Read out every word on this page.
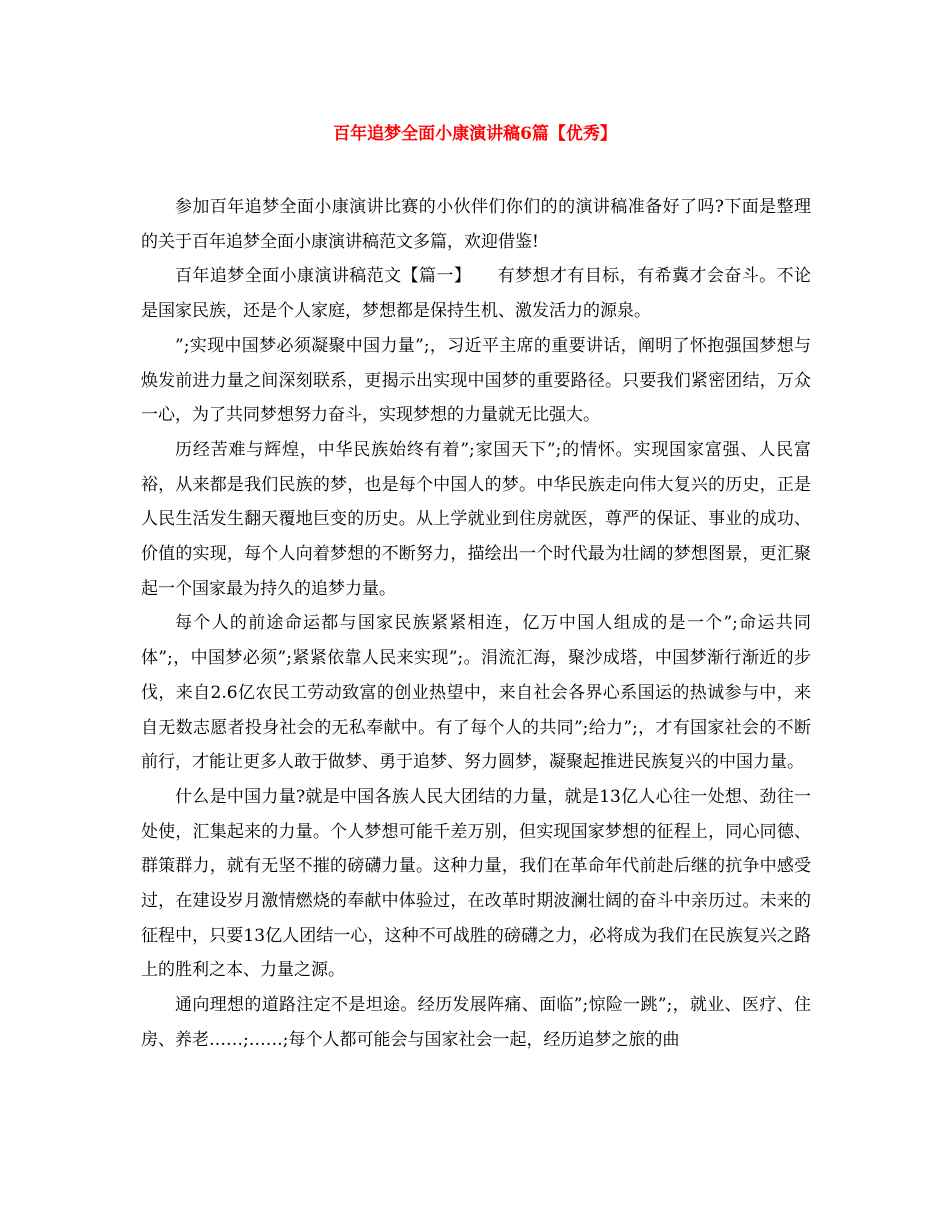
百年追梦全面小康演讲稿6篇【优秀】

参加百年追梦全面小康演讲比赛的小伙伴们你们的的演讲稿准备好了吗?下面是整理的关于百年追梦全面小康演讲稿范文多篇，欢迎借鉴!

百年追梦全面小康演讲稿范文【篇一】　　有梦想才有目标，有希冀才会奋斗。不论是国家民族，还是个人家庭，梦想都是保持生机、激发活力的源泉。

”;实现中国梦必须凝聚中国力量”;，习近平主席的重要讲话，阐明了怀抱强国梦想与焕发前进力量之间深刻联系，更揭示出实现中国梦的重要路径。只要我们紧密团结，万众一心，为了共同梦想努力奋斗，实现梦想的力量就无比强大。

历经苦难与辉煌，中华民族始终有着”;家国天下”;的情怀。实现国家富强、人民富裕，从来都是我们民族的梦，也是每个中国人的梦。中华民族走向伟大复兴的历史，正是人民生活发生翻天覆地巨变的历史。从上学就业到住房就医，尊严的保证、事业的成功、价值的实现，每个人向着梦想的不断努力，描绘出一个时代最为壮阔的梦想图景，更汇聚起一个国家最为持久的追梦力量。

每个人的前途命运都与国家民族紧紧相连，亿万中国人组成的是一个”;命运共同体”;，中国梦必须”;紧紧依靠人民来实现”;。涓流汇海，聚沙成塔，中国梦渐行渐近的步伐，来自2.6亿农民工劳动致富的创业热望中，来自社会各界心系国运的热诚参与中，来自无数志愿者投身社会的无私奉献中。有了每个人的共同”;给力”;，才有国家社会的不断前行，才能让更多人敢于做梦、勇于追梦、努力圆梦，凝聚起推进民族复兴的中国力量。

什么是中国力量?就是中国各族人民大团结的力量，就是13亿人心往一处想、劲往一处使，汇集起来的力量。个人梦想可能千差万别，但实现国家梦想的征程上，同心同德、群策群力，就有无坚不摧的磅礴力量。这种力量，我们在革命年代前赴后继的抗争中感受过，在建设岁月激情燃烧的奉献中体验过，在改革时期波澜壮阔的奋斗中亲历过。未来的征程中，只要13亿人团结一心，这种不可战胜的磅礴之力，必将成为我们在民族复兴之路上的胜利之本、力量之源。

通向理想的道路注定不是坦途。经历发展阵痛、面临”;惊险一跳”;，就业、医疗、住房、养老……;……;每个人都可能会与国家社会一起，经历追梦之旅的曲
